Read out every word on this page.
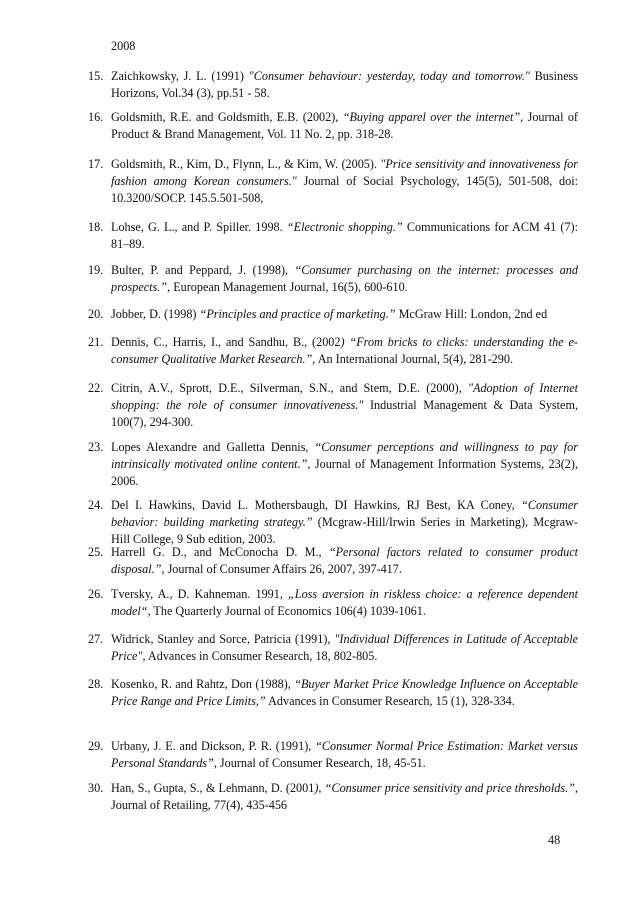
2008
15. Zaichkowsky, J. L. (1991) "Consumer behaviour: yesterday, today and tomorrow." Business Horizons, Vol.34 (3), pp.51 - 58.
16. Goldsmith, R.E. and Goldsmith, E.B. (2002), “Buying apparel over the internet”, Journal of Product & Brand Management, Vol. 11 No. 2, pp. 318-28.
17. Goldsmith, R., Kim, D., Flynn, L., & Kim, W. (2005). "Price sensitivity and innovativeness for fashion among Korean consumers." Journal of Social Psychology, 145(5), 501-508, doi: 10.3200/SOCP. 145.5.501-508,
18. Lohse, G. L., and P. Spiller. 1998. “Electronic shopping.” Communications for ACM 41 (7): 81–89.
19. Bulter, P. and Peppard, J. (1998), “Consumer purchasing on the internet: processes and prospects.”, European Management Journal, 16(5), 600-610.
20. Jobber, D. (1998) “Principles and practice of marketing.” McGraw Hill: London, 2nd ed
21. Dennis, C., Harris, I., and Sandhu, B., (2002) “From bricks to clicks: understanding the e-consumer Qualitative Market Research.”, An International Journal, 5(4), 281-290.
22. Citrin, A.V., Sprott, D.E., Silverman, S.N., and Stem, D.E. (2000), "Adoption of Internet shopping: the role of consumer innovativeness." Industrial Management & Data System, 100(7), 294-300.
23. Lopes Alexandre and Galletta Dennis, “Consumer perceptions and willingness to pay for intrinsically motivated online content.”, Journal of Management Information Systems, 23(2), 2006.
24. Del I. Hawkins, David L. Mothersbaugh, DI Hawkins, RJ Best, KA Coney, “Consumer behavior: building marketing strategy.” (Mcgraw-Hill/Irwin Series in Marketing), Mcgraw-Hill College, 9 Sub edition, 2003.
25. Harrell G. D., and McConocha D. M., “Personal factors related to consumer product disposal.”, Journal of Consumer Affairs 26, 2007, 397-417.
26. Tversky, A., D. Kahneman. 1991, „Loss aversion in riskless choice: a reference dependent model“, The Quarterly Journal of Economics 106(4) 1039-1061.
27. Widrick, Stanley and Sorce, Patricia (1991), "Individual Differences in Latitude of Acceptable Price", Advances in Consumer Research, 18, 802-805.
28. Kosenko, R. and Rahtz, Don (1988), “Buyer Market Price Knowledge Influence on Acceptable Price Range and Price Limits,” Advances in Consumer Research, 15 (1), 328-334.
29. Urbany, J. E. and Dickson, P. R. (1991), “Consumer Normal Price Estimation: Market versus Personal Standards”, Journal of Consumer Research, 18, 45-51.
30. Han, S., Gupta, S., & Lehmann, D. (2001), “Consumer price sensitivity and price thresholds.”, Journal of Retailing, 77(4), 435-456
48
